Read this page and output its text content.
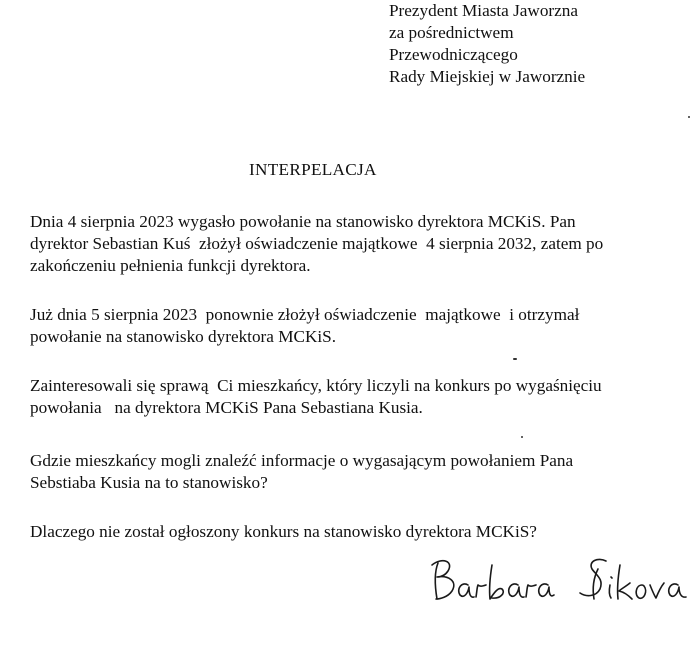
Prezydent Miasta Jaworzna
za pośrednictwem
Przewodniczącego
Rady Miejskiej w Jaworznie
INTERPELACJA
Dnia 4 sierpnia 2023 wygasło powołanie na stanowisko dyrektora MCKiS. Pan
dyrektor Sebastian Kuś  złożył oświadczenie majątkowe  4 sierpnia 2032, zatem po
zakończeniu pełnienia funkcji dyrektora.
Już dnia 5 sierpnia 2023  ponownie złożył oświadczenie  majątkowe  i otrzymał
powołanie na stanowisko dyrektora MCKiS.
Zainteresowali się sprawą  Ci mieszkańcy, który liczyli na konkurs po wygaśnięciu
powołania   na dyrektora MCKiS Pana Sebastiana Kusia.
Gdzie mieszkańcy mogli znaleźć informacje o wygasającym powołaniem Pana
Sebstiaba Kusia na to stanowisko?
Dlaczego nie został ogłoszony konkurs na stanowisko dyrektora MCKiS?
